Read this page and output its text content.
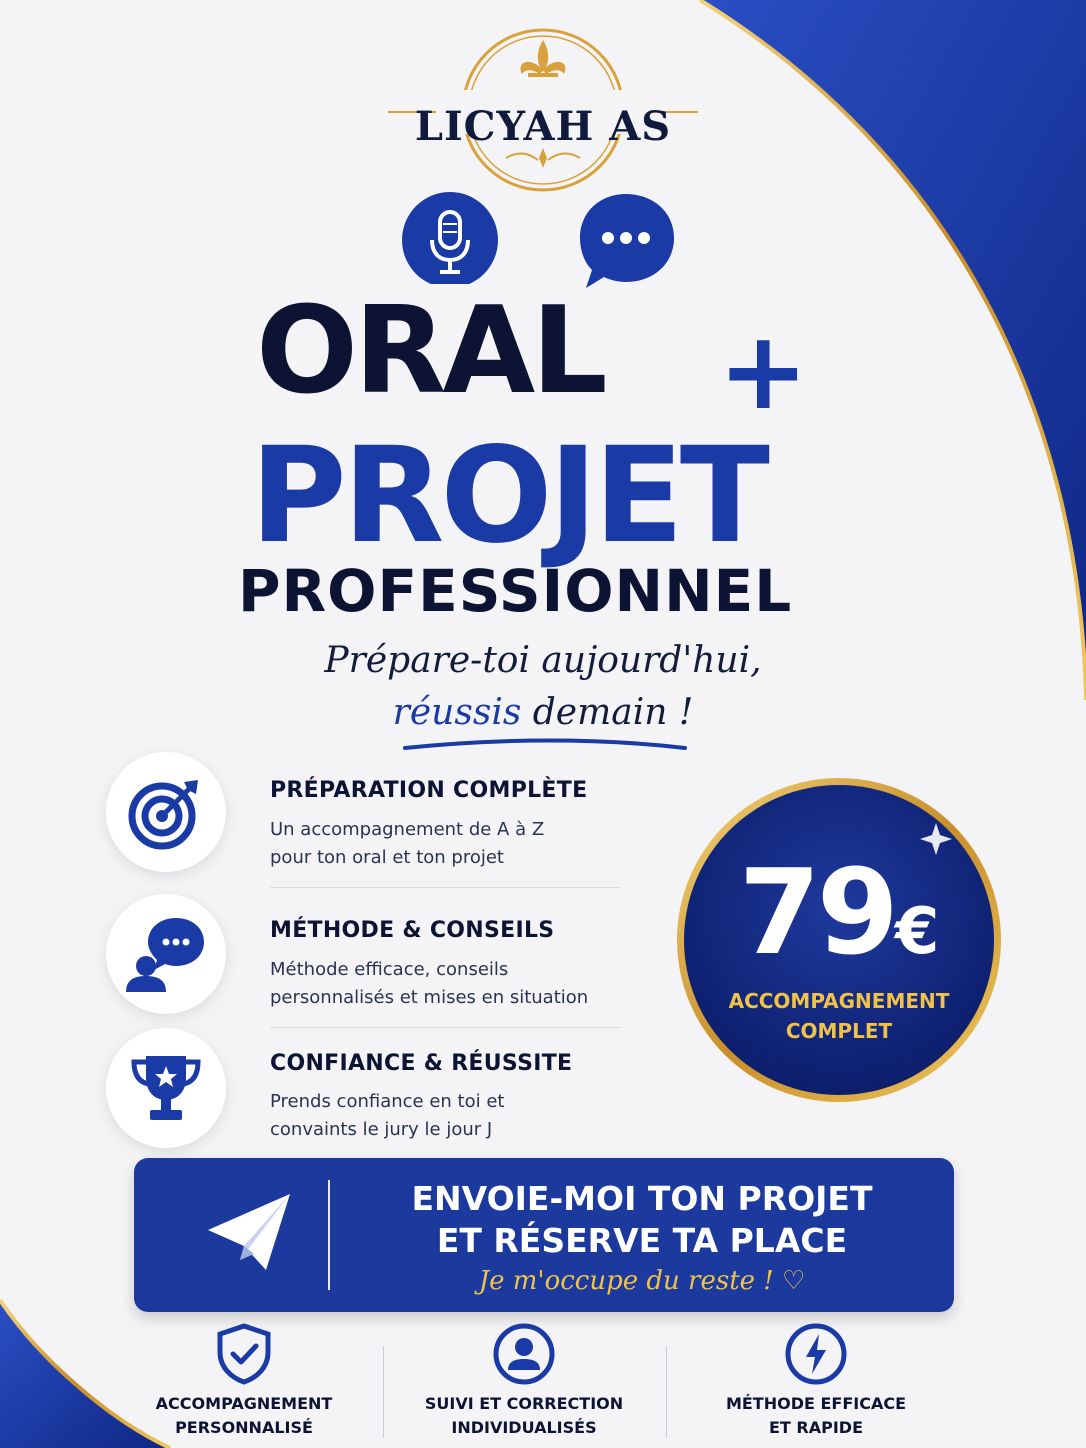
LICYAH AS
ORAL +
PROJET
PROFESSIONNEL
Prépare-toi aujourd'hui,
réussis demain !
PRÉPARATION COMPLÈTE
Un accompagnement de A à Z
pour ton oral et ton projet
MÉTHODE & CONSEILS
Méthode efficace, conseils
personnalisés et mises en situation
CONFIANCE & RÉUSSITE
Prends confiance en toi et
convaints le jury le jour J
79€
ACCOMPAGNEMENT
COMPLET
ENVOIE-MOI TON PROJET
ET RÉSERVE TA PLACE
Je m'occupe du reste ! ♡
ACCOMPAGNEMENT
PERSONNALISÉ
SUIVI ET CORRECTION
INDIVIDUALISÉS
MÉTHODE EFFICACE
ET RAPIDE
